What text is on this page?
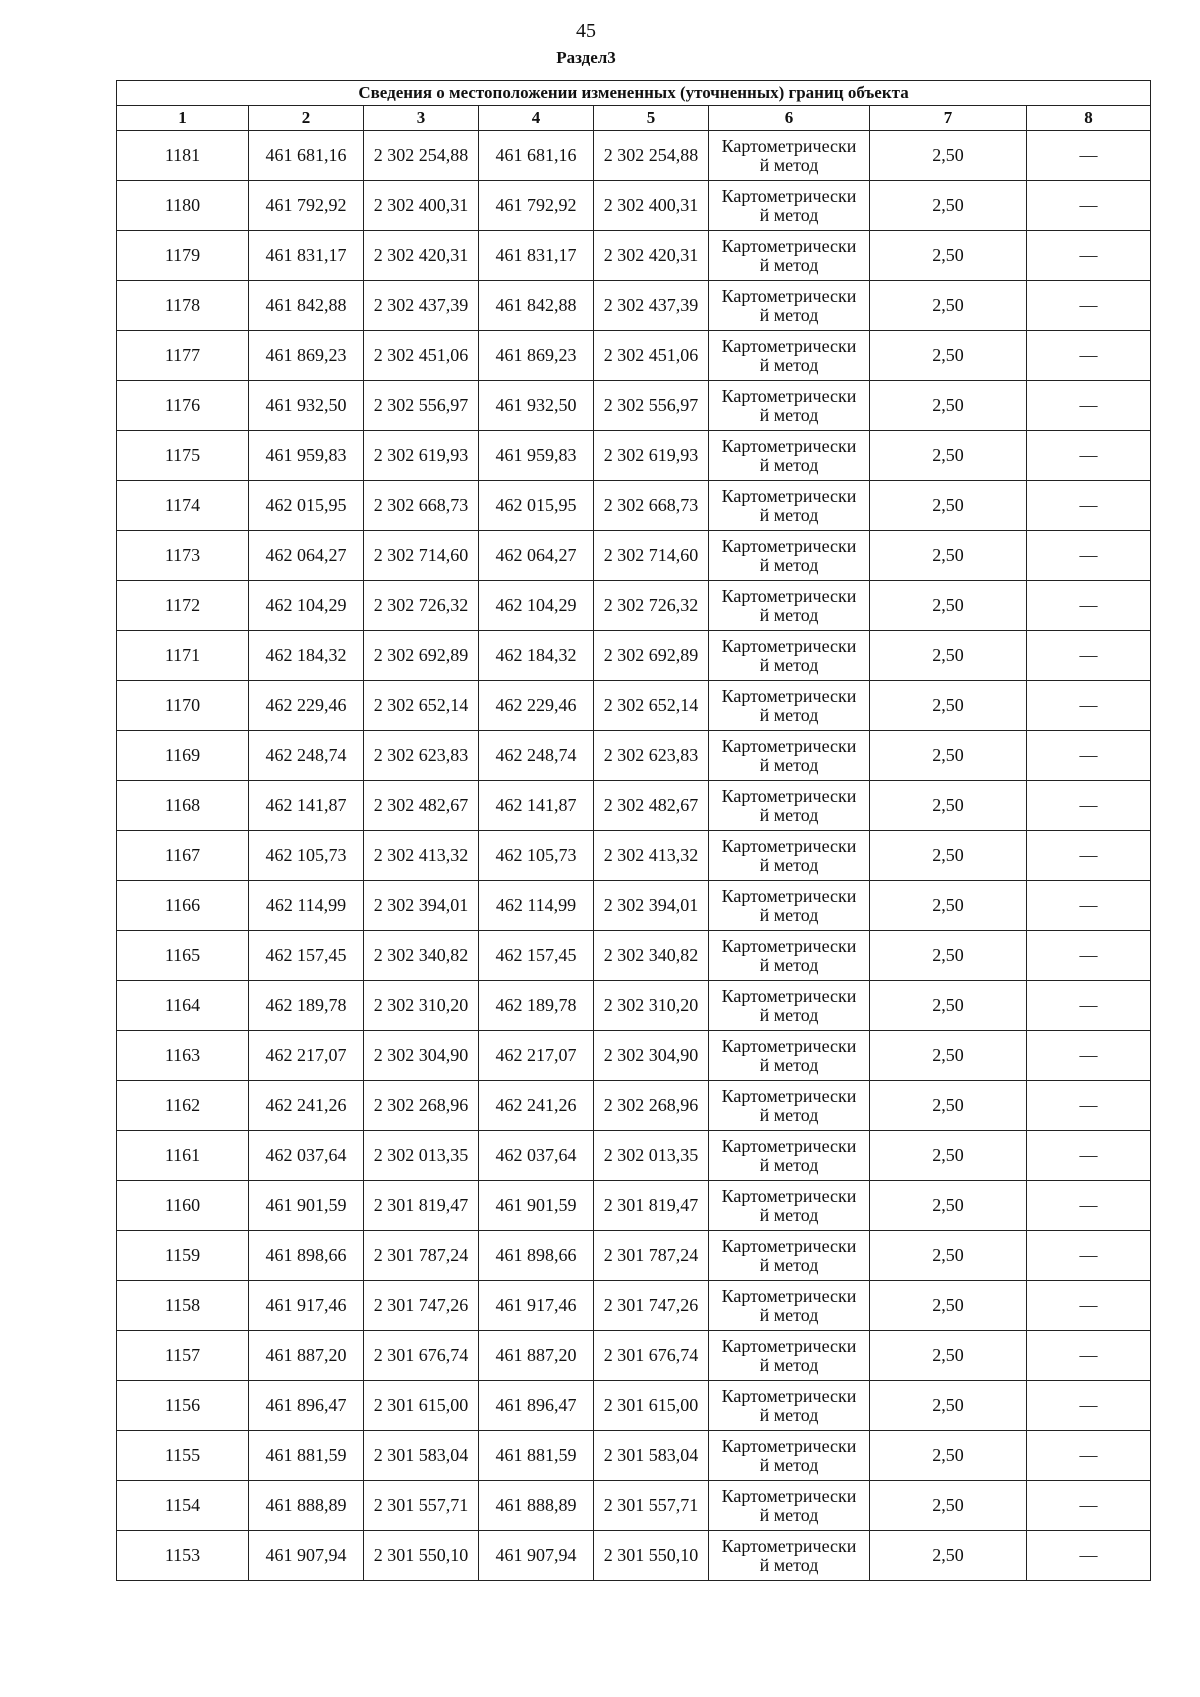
45
Раздел3
Сведения о местоположении измененных (уточненных) границ объекта							
1	2	3	4	5	6	7	8
1181	461 681,16	2 302 254,88	461 681,16	2 302 254,88	Картометрически
й метод	2,50	—
1180	461 792,92	2 302 400,31	461 792,92	2 302 400,31	Картометрически
й метод	2,50	—
1179	461 831,17	2 302 420,31	461 831,17	2 302 420,31	Картометрически
й метод	2,50	—
1178	461 842,88	2 302 437,39	461 842,88	2 302 437,39	Картометрически
й метод	2,50	—
1177	461 869,23	2 302 451,06	461 869,23	2 302 451,06	Картометрически
й метод	2,50	—
1176	461 932,50	2 302 556,97	461 932,50	2 302 556,97	Картометрически
й метод	2,50	—
1175	461 959,83	2 302 619,93	461 959,83	2 302 619,93	Картометрически
й метод	2,50	—
1174	462 015,95	2 302 668,73	462 015,95	2 302 668,73	Картометрически
й метод	2,50	—
1173	462 064,27	2 302 714,60	462 064,27	2 302 714,60	Картометрически
й метод	2,50	—
1172	462 104,29	2 302 726,32	462 104,29	2 302 726,32	Картометрически
й метод	2,50	—
1171	462 184,32	2 302 692,89	462 184,32	2 302 692,89	Картометрически
й метод	2,50	—
1170	462 229,46	2 302 652,14	462 229,46	2 302 652,14	Картометрически
й метод	2,50	—
1169	462 248,74	2 302 623,83	462 248,74	2 302 623,83	Картометрически
й метод	2,50	—
1168	462 141,87	2 302 482,67	462 141,87	2 302 482,67	Картометрически
й метод	2,50	—
1167	462 105,73	2 302 413,32	462 105,73	2 302 413,32	Картометрически
й метод	2,50	—
1166	462 114,99	2 302 394,01	462 114,99	2 302 394,01	Картометрически
й метод	2,50	—
1165	462 157,45	2 302 340,82	462 157,45	2 302 340,82	Картометрически
й метод	2,50	—
1164	462 189,78	2 302 310,20	462 189,78	2 302 310,20	Картометрически
й метод	2,50	—
1163	462 217,07	2 302 304,90	462 217,07	2 302 304,90	Картометрически
й метод	2,50	—
1162	462 241,26	2 302 268,96	462 241,26	2 302 268,96	Картометрически
й метод	2,50	—
1161	462 037,64	2 302 013,35	462 037,64	2 302 013,35	Картометрически
й метод	2,50	—
1160	461 901,59	2 301 819,47	461 901,59	2 301 819,47	Картометрически
й метод	2,50	—
1159	461 898,66	2 301 787,24	461 898,66	2 301 787,24	Картометрически
й метод	2,50	—
1158	461 917,46	2 301 747,26	461 917,46	2 301 747,26	Картометрически
й метод	2,50	—
1157	461 887,20	2 301 676,74	461 887,20	2 301 676,74	Картометрически
й метод	2,50	—
1156	461 896,47	2 301 615,00	461 896,47	2 301 615,00	Картометрически
й метод	2,50	—
1155	461 881,59	2 301 583,04	461 881,59	2 301 583,04	Картометрически
й метод	2,50	—
1154	461 888,89	2 301 557,71	461 888,89	2 301 557,71	Картометрически
й метод	2,50	—
1153	461 907,94	2 301 550,10	461 907,94	2 301 550,10	Картометрически
й метод	2,50	—
